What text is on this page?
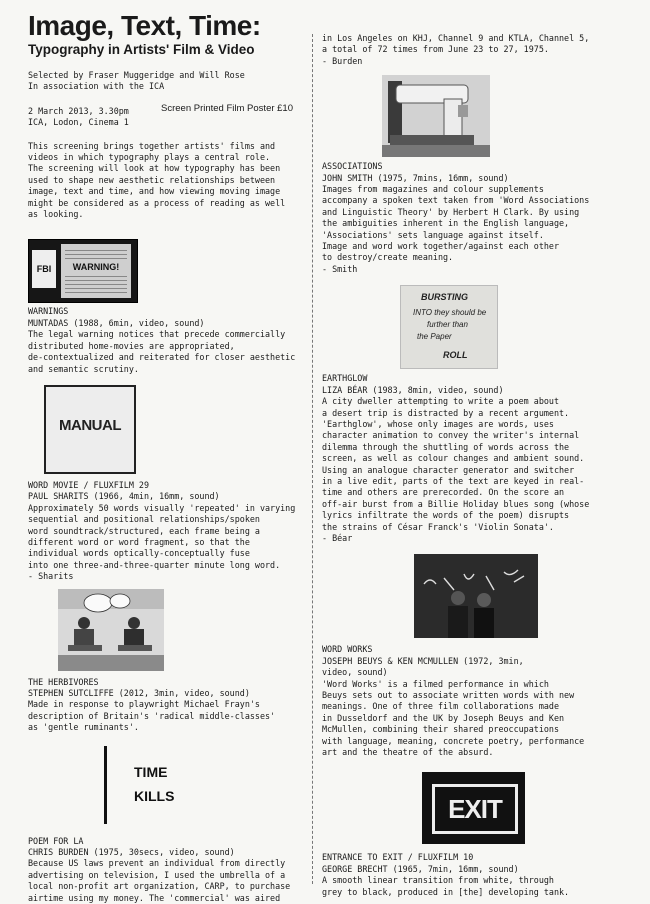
Image, Text, Time:
Typography in Artists' Film & Video

Selected by Fraser Muggeridge and Will Rose

In association with the ICA

2 March 2013, 3.30pm

ICA, Lodon, Cinema 1

This screening brings together artists' films and

videos in which typography plays a central role.

The screening will look at how typography has been

used to shape new aesthetic relationships between

image, text and time, and how viewing moving image

might be considered as a process of reading as well

as looking.

FBI	WARNING!

WARNINGS

MUNTADAS (1988, 6min, video, sound)

The legal warning notices that precede commercially

distributed home-movies are appropriated,

de-contextualized and reiterated for closer aesthetic

and semantic scrutiny.

MANUAL

WORD MOVIE / FLUXFILM 29

PAUL SHARITS (1966, 4min, 16mm, sound)

Approximately 50 words visually 'repeated' in varying

sequential and positional relationships/spoken

word soundtrack/structured, each frame being a

different word or word fragment, so that the

individual words optically-conceptually fuse

into one three-and-three-quarter minute long word.

- Sharits

THE HERBIVORES

STEPHEN SUTCLIFFE (2012, 3min, video, sound)

Made in response to playwright Michael Frayn's

description of Britain's 'radical middle-classes'

as 'gentle ruminants'.

TIME
KILLS

POEM FOR LA

CHRIS BURDEN (1975, 30secs, video, sound)

Because US laws prevent an individual from directly

advertising on television, I used the umbrella of a

local non-profit art organization, CARP, to purchase

airtime using my money. The 'commercial' was aired

Screen Printed Film Poster £10

in Los Angeles on KHJ, Channel 9 and KTLA, Channel 5,

a total of 72 times from June 23 to 27, 1975.

- Burden

ASSOCIATIONS

JOHN SMITH (1975, 7mins, 16mm, sound)

Images from magazines and colour supplements

accompany a spoken text taken from 'Word Associations

and Linguistic Theory' by Herbert H Clark. By using

the ambiguities inherent in the English language,

'Associations' sets language against itself.

Image and word work together/against each other

to destroy/create meaning.

- Smith

BURSTING
INTO they should be
further than
the Paper
ROLL

EARTHGLOW

LIZA BÉAR (1983, 8min, video, sound)

A city dweller attempting to write a poem about

a desert trip is distracted by a recent argument.

'Earthglow', whose only images are words, uses

character animation to convey the writer's internal

dilemma through the shuttling of words across the

screen, as well as colour changes and ambient sound.

Using an analogue character generator and switcher

in a live edit, parts of the text are keyed in real-

time and others are prerecorded. On the score an

off-air burst from a Billie Holiday blues song (whose

lyrics infiltrate the words of the poem) disrupts

the strains of César Franck's 'Violin Sonata'.

- Béar

WORD WORKS

JOSEPH BEUYS & KEN MCMULLEN (1972, 3min,

video, sound)

'Word Works' is a filmed performance in which

Beuys sets out to associate written words with new

meanings. One of three film collaborations made

in Dusseldorf and the UK by Joseph Beuys and Ken

McMullen, combining their shared preoccupations

with language, meaning, concrete poetry, performance

art and the theatre of the absurd.

EXIT

ENTRANCE TO EXIT / FLUXFILM 10

GEORGE BRECHT (1965, 7min, 16mm, sound)

A smooth linear transition from white, through

grey to black, produced in [the] developing tank.
